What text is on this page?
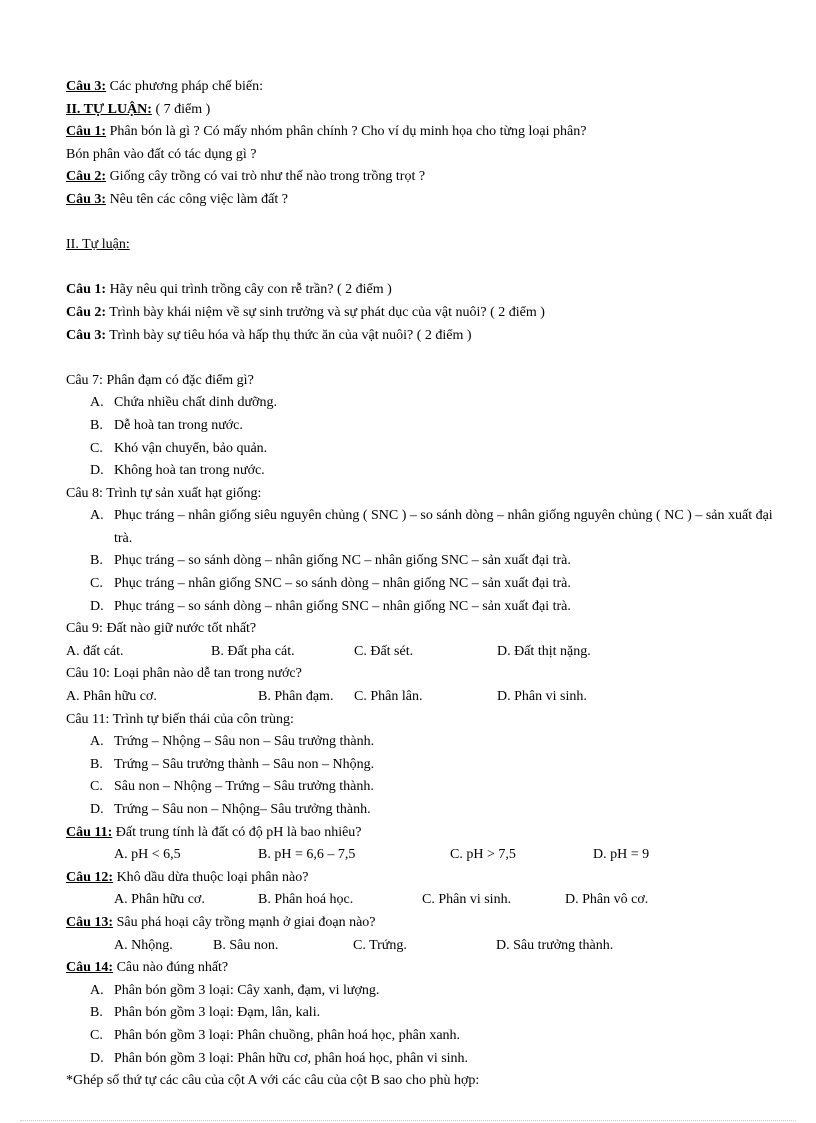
Câu 3: Các phương pháp chế biến:
II. TỰ LUẬN: ( 7 điểm )
Câu 1: Phân bón là gì ? Có mấy nhóm phân chính ? Cho ví dụ minh họa cho từng loại phân?
Bón phân vào đất có tác dụng gì ?
Câu 2: Giống cây trồng có vai trò như thế nào trong trồng trọt ?
Câu 3: Nêu tên các công việc làm đất ?
II. Tự luận:
Câu 1: Hãy nêu qui trình trồng cây con rễ trần? ( 2 điểm )
Câu 2: Trình bày khái niệm về sự sinh trưởng và sự phát dục của vật nuôi? ( 2 điểm )
Câu 3: Trình bày sự tiêu hóa và hấp thụ thức ăn của vật nuôi? ( 2 điểm )
Câu 7: Phân đạm có đặc điểm gì?
A. Chứa nhiều chất dinh dưỡng.
B. Dễ hoà tan trong nước.
C. Khó vận chuyển, bảo quản.
D. Không hoà tan trong nước.
Câu 8: Trình tự sản xuất hạt giống:
A. Phục tráng – nhân giống siêu nguyên chủng ( SNC ) – so sánh dòng – nhân giống nguyên chủng ( NC ) – sản xuất đại trà.
B. Phục tráng – so sánh dòng – nhân giống NC – nhân giống SNC – sản xuất đại trà.
C. Phục tráng – nhân giống SNC – so sánh dòng – nhân giống NC – sản xuất đại trà.
D. Phục tráng – so sánh dòng – nhân giống SNC – nhân giống NC – sản xuất đại trà.
Câu 9: Đất nào giữ nước tốt nhất?
A. đất cát.	B. Đất pha cát.	C. Đất sét.	D. Đất thịt nặng.
Câu 10: Loại phân nào dễ tan trong nước?
A. Phân hữu cơ.	B. Phân đạm.	C. Phân lân.	D. Phân vi sinh.
Câu 11: Trình tự biến thái của côn trùng:
A. Trứng – Nhộng – Sâu non – Sâu trưởng thành.
B. Trứng – Sâu trưởng thành – Sâu non – Nhộng.
C. Sâu non – Nhộng – Trứng – Sâu trưởng thành.
D. Trứng – Sâu non – Nhộng– Sâu trưởng thành.
Câu 11: Đất trung tính là đất có độ pH là bao nhiêu?
A. pH < 6,5	B. pH = 6,6 – 7,5	C. pH > 7,5	D. pH = 9
Câu 12: Khô dầu dừa thuộc loại phân nào?
A. Phân hữu cơ.	B. Phân hoá học.	C. Phân vi sinh.	D. Phân vô cơ.
Câu 13: Sâu phá hoại cây trồng mạnh ở giai đoạn nào?
A. Nhộng.	B. Sâu non.	C. Trứng.	D. Sâu trưởng thành.
Câu 14: Câu nào đúng nhất?
A. Phân bón gồm 3 loại: Cây xanh, đạm, vi lượng.
B. Phân bón gồm 3 loại: Đạm, lân, kali.
C. Phân bón gồm 3 loại: Phân chuồng, phân hoá học, phân xanh.
D. Phân bón gồm 3 loại: Phân hữu cơ, phân hoá học, phân vi sinh.
*Ghép số thứ tự các câu của cột A với các câu của cột B sao cho phù hợp:
